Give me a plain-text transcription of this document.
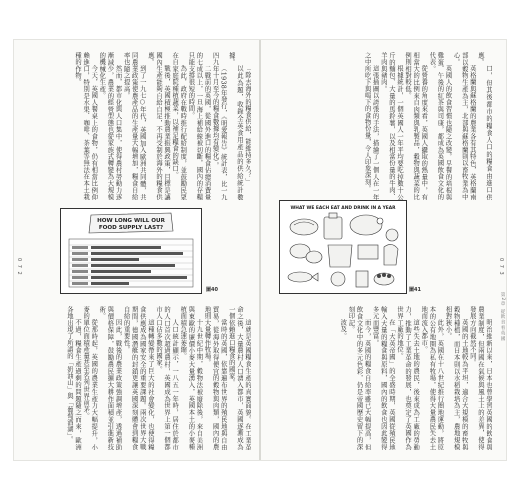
「除去海外的糧食供給，能維持多久？」

以此為題，收錄全英食用產品的供給統計數據。

（1938年發行，《明愛報告》統計表，比一九四九年十月至今的糧食數據均有變化）。

二戰前的英國，從國外進口的糧食佔總消費量的七成以上，一旦海上補給線被切斷，國內的存糧只能支撐很短的時間。

為此，政府在戰時推行配給制度，並鼓勵民眾在自家庭院種植蔬菜，以補足糧食的缺口。

戰後，英國積極推動農業振興政策，目標是讓國內生產能夠自給自足，不再受制於海外的糧食供應。

到了一九七○年代，英國加入歐洲共同體，共同農業政策使農產品的生產量大幅增加，糧食自給率也隨之提高。

然而，都市化與人口集中，使得農村勞動力逐漸減少，農業的經營型態也從家族式轉變為大規模的機械化生產。

今天，英國人餐桌上的食物，仍有相當比例仰賴進口，特別是水果、咖啡、茶葉等無法在本土栽種的作物。

HOW LONG WILL OUR
FOOD SUPPLY LAST?
圖40

這就是英國糧食生產的真實面貌。在工業革命之後，大量農村人口湧入都市，英國逐漸成為一個依賴進口糧食的國家。

當時的英國，依靠遍布世界的殖民地與自由貿易，從海外取得便宜的穀物與肉類，國內的農地則大量轉作牧場。

十九世紀中期，穀物法被廢除後，來自美洲與東歐的廉價小麥大量湧入，英國本土的小麥種植面積急速萎縮。

人口統計顯示，一八五一年時，居住於都市的人口首次超過農村，英國成為世界上第一個都市人口佔多數的國家。

這種轉變帶來了巨大的社會變化，也使得糧食供應成為國家安全的重要課題。兩次世界大戰期間，德國潛艇的封鎖更讓英國深刻體會到糧食自給的重要性。

因此，戰後的農業政策強調增產，透過補助與價格保障，鼓勵農民擴大耕作面積並引進新技術。

從那時起，英國的農業生產力大幅提升，小麥的單位面積產量甚至名列世界前茅。

不過，糧食生產過剩的問題隨之而來，歐洲各地出現了所謂的「奶油山」與「葡萄酒湖」。

0 7 2

口，但其後都市的糧食人口的糧食由進口供應。

英格蘭與蘇格蘭的農業各有其特色，英格蘭南部以穀物生產為主，北部與蘇格蘭則以畜牧業為中心。

英國人的飲食習慣也隨之改變。早餐的培根與雞蛋、午後的紅茶與司康，都成為英國飲食文化的代表。

從營養的角度來看，英國人攝取的熱量中，有相當大的比例來自肉類與乳製品，穀物與蔬菜的比例則相對較低。

根據統計，一個英國人一年平均要吃掉數十公斤的麵包、大量的馬鈴薯，以及相當份量的牛肉、羊肉與豬肉。

這張插圖以誇張的手法，描繪了一個人在一年之中所吃下與喝下的食物份量，令人印象深刻。

WHAT WE EACH EAT AND DRINK IN A YEAR
圖41

明治維新以來，日本也曾學習英國的飲食與農業制度，但兩國在氣候與風土上的差異，使得發展方向截然不同。

英國的土地較為平坦，適合大規模的畜牧與穀物種植，而日本則以水稻栽培為主，農地規模相對狹小。

此外，英國在十八世紀推行圈地運動，將原本的公有地圈為私有牧場，使得大量農民失去土地而流入都市。

這些失去土地的農民，後來成為工廠的勞動力，推動了工業革命的發展，也奠定了英國作為世界工廠的地位。

在「大英帝國」的全盛時期，英國從殖民地輸入大量的糧食與原料，國內的飲食也因此變得多元而豐富。

而今，英國的糧食自給率雖已大幅提高，但飲食文化中的多元色彩，仍是帝國歷史留下的深刻印記。

波及。

0 7 3
第2章 從飲食看英國
